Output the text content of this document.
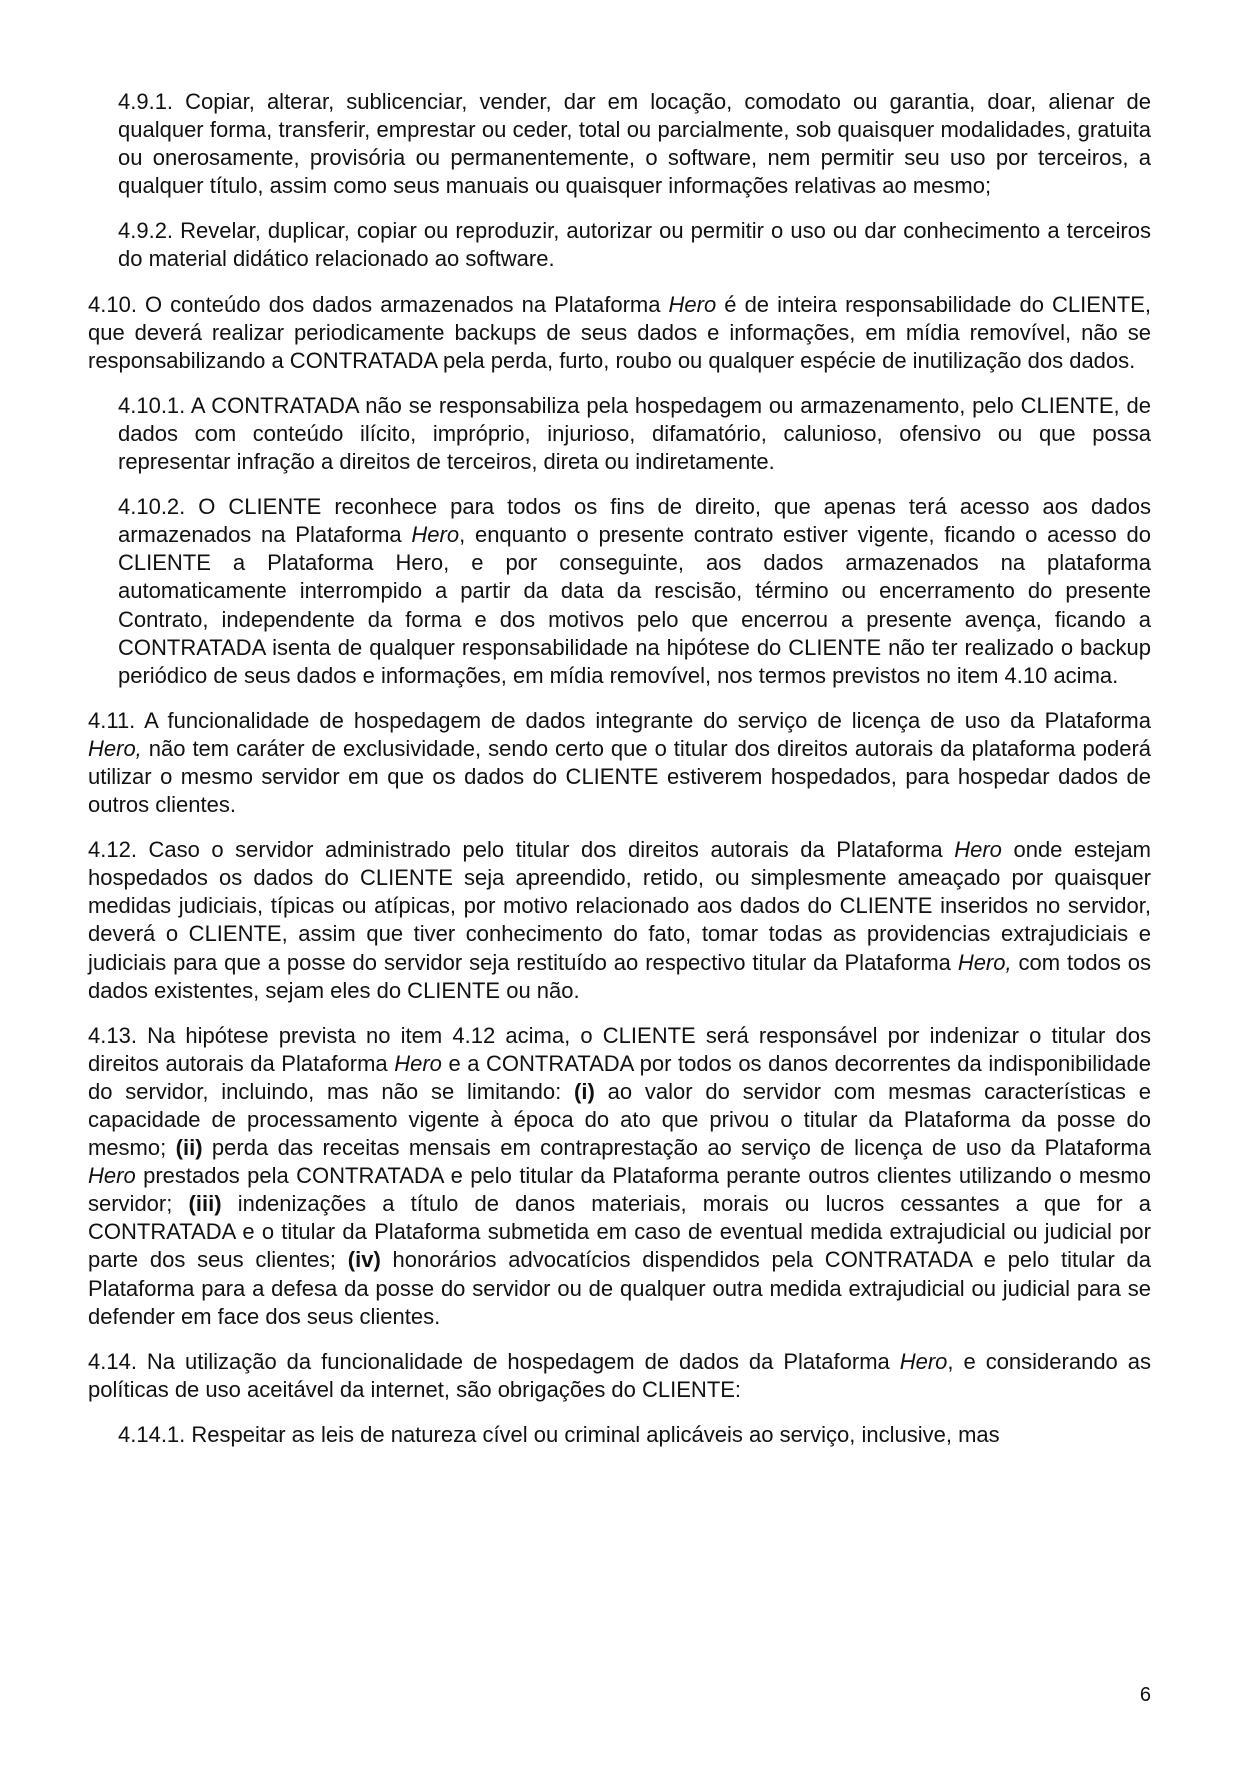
4.9.1. Copiar, alterar, sublicenciar, vender, dar em locação, comodato ou garantia, doar, alienar de qualquer forma, transferir, emprestar ou ceder, total ou parcialmente, sob quaisquer modalidades, gratuita ou onerosamente, provisória ou permanentemente, o software, nem permitir seu uso por terceiros, a qualquer título, assim como seus manuais ou quaisquer informações relativas ao mesmo;

4.9.2. Revelar, duplicar, copiar ou reproduzir, autorizar ou permitir o uso ou dar conhecimento a terceiros do material didático relacionado ao software.

4.10. O conteúdo dos dados armazenados na Plataforma Hero é de inteira responsabilidade do CLIENTE, que deverá realizar periodicamente backups de seus dados e informações, em mídia removível, não se responsabilizando a CONTRATADA pela perda, furto, roubo ou qualquer espécie de inutilização dos dados.

4.10.1. A CONTRATADA não se responsabiliza pela hospedagem ou armazenamento, pelo CLIENTE, de dados com conteúdo ilícito, impróprio, injurioso, difamatório, calunioso, ofensivo ou que possa representar infração a direitos de terceiros, direta ou indiretamente.

4.10.2. O CLIENTE reconhece para todos os fins de direito, que apenas terá acesso aos dados armazenados na Plataforma Hero, enquanto o presente contrato estiver vigente, ficando o acesso do CLIENTE a Plataforma Hero, e por conseguinte, aos dados armazenados na plataforma automaticamente interrompido a partir da data da rescisão, término ou encerramento do presente Contrato, independente da forma e dos motivos pelo que encerrou a presente avença, ficando a CONTRATADA isenta de qualquer responsabilidade na hipótese do CLIENTE não ter realizado o backup periódico de seus dados e informações, em mídia removível, nos termos previstos no item 4.10 acima.

4.11. A funcionalidade de hospedagem de dados integrante do serviço de licença de uso da Plataforma Hero, não tem caráter de exclusividade, sendo certo que o titular dos direitos autorais da plataforma poderá utilizar o mesmo servidor em que os dados do CLIENTE estiverem hospedados, para hospedar dados de outros clientes.

4.12. Caso o servidor administrado pelo titular dos direitos autorais da Plataforma Hero onde estejam hospedados os dados do CLIENTE seja apreendido, retido, ou simplesmente ameaçado por quaisquer medidas judiciais, típicas ou atípicas, por motivo relacionado aos dados do CLIENTE inseridos no servidor, deverá o CLIENTE, assim que tiver conhecimento do fato, tomar todas as providencias extrajudiciais e judiciais para que a posse do servidor seja restituído ao respectivo titular da Plataforma Hero, com todos os dados existentes, sejam eles do CLIENTE ou não.

4.13. Na hipótese prevista no item 4.12 acima, o CLIENTE será responsável por indenizar o titular dos direitos autorais da Plataforma Hero e a CONTRATADA por todos os danos decorrentes da indisponibilidade do servidor, incluindo, mas não se limitando: (i) ao valor do servidor com mesmas características e capacidade de processamento vigente à época do ato que privou o titular da Plataforma da posse do mesmo; (ii) perda das receitas mensais em contraprestação ao serviço de licença de uso da Plataforma Hero prestados pela CONTRATADA e pelo titular da Plataforma perante outros clientes utilizando o mesmo servidor; (iii) indenizações a título de danos materiais, morais ou lucros cessantes a que for a CONTRATADA e o titular da Plataforma submetida em caso de eventual medida extrajudicial ou judicial por parte dos seus clientes; (iv) honorários advocatícios dispendidos pela CONTRATADA e pelo titular da Plataforma para a defesa da posse do servidor ou de qualquer outra medida extrajudicial ou judicial para se defender em face dos seus clientes.

4.14. Na utilização da funcionalidade de hospedagem de dados da Plataforma Hero, e considerando as políticas de uso aceitável da internet, são obrigações do CLIENTE:

4.14.1. Respeitar as leis de natureza cível ou criminal aplicáveis ao serviço, inclusive, mas

6
